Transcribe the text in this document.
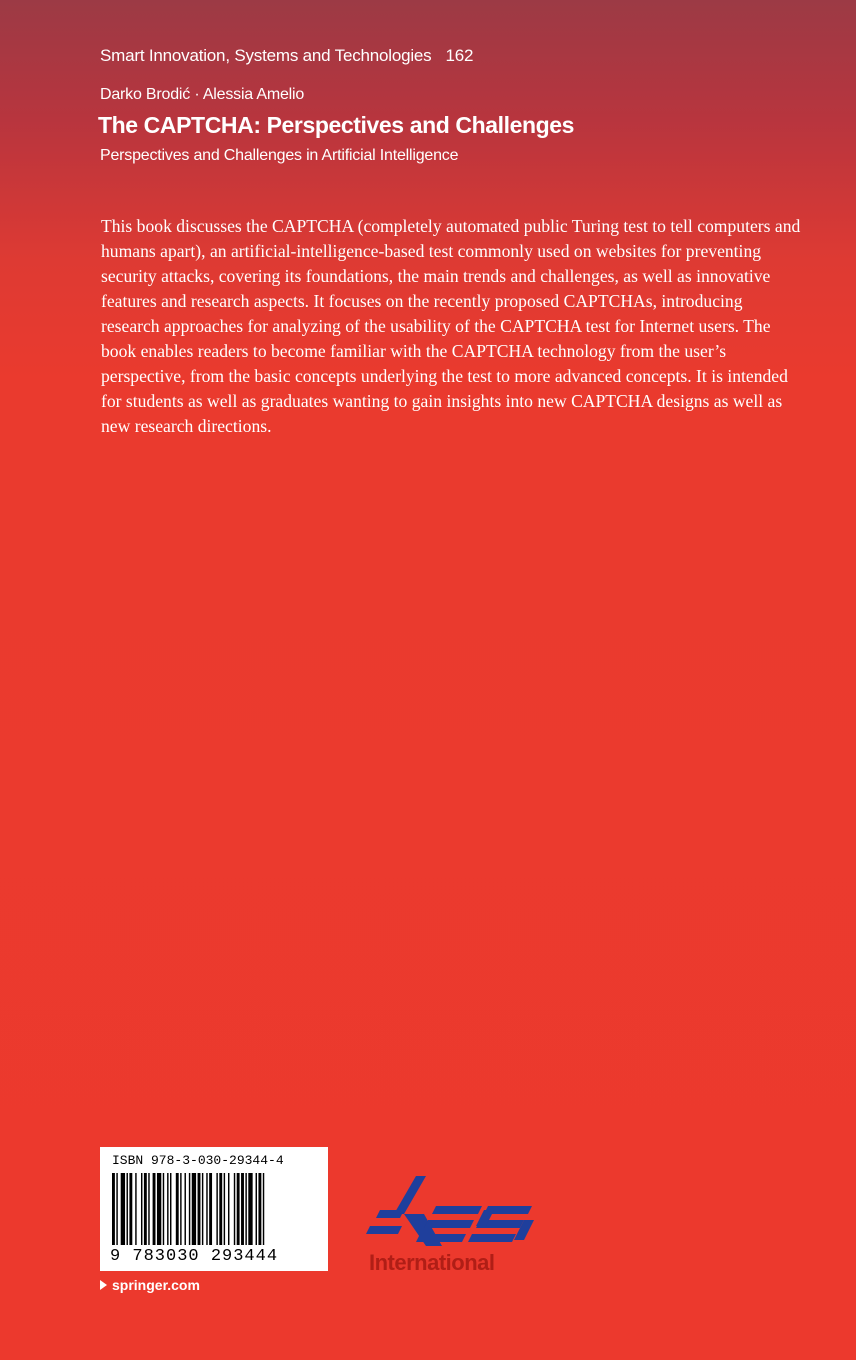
Smart Innovation, Systems and Technologies 162
Darko Brodić · Alessia Amelio
The CAPTCHA: Perspectives and Challenges
Perspectives and Challenges in Artificial Intelligence

This book discusses the CAPTCHA (completely automated public Turing test to tell computers and humans apart), an artificial-intelligence-based test commonly used on websites for preventing security attacks, covering its foundations, the main trends and challenges, as well as innovative features and research aspects. It focuses on the recently proposed CAPTCHAs, introducing research approaches for analyzing of the usability of the CAPTCHA test for Internet users. The book enables readers to become familiar with the CAPTCHA technology from the user’s perspective, from the basic concepts underlying the test to more advanced concepts. It is intended for students as well as graduates wanting to gain insights into new CAPTCHA designs as well as new research directions.

ISBN 978-3-030-29344-4
9 783030 293444
springer.com
International
